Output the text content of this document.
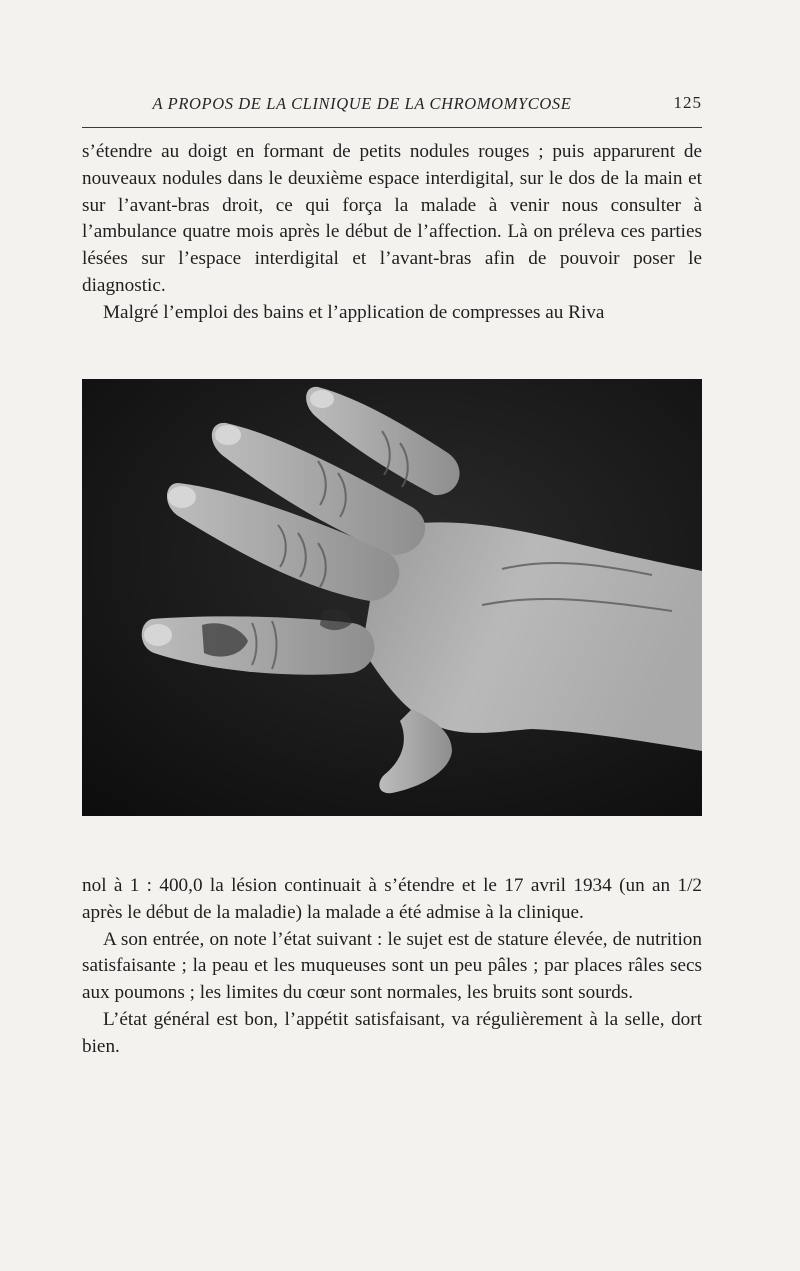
A PROPOS DE LA CLINIQUE DE LA CHROMOMYCOSE	125

s’étendre au doigt en formant de petits nodules rouges ; puis apparurent de nouveaux nodules dans le deuxième espace interdigital, sur le dos de la main et sur l’avant-bras droit, ce qui força la malade à venir nous consulter à l’ambulance quatre mois après le début de l’affection. Là on préleva ces parties lésées sur l’espace interdigital et l’avant-bras afin de pouvoir poser le diagnostic.

Malgré l’emploi des bains et l’application de compresses au Riva

nol à 1 : 400,0 la lésion continuait à s’étendre et le 17 avril 1934 (un an 1/2 après le début de la maladie) la malade a été admise à la clinique.

A son entrée, on note l’état suivant : le sujet est de stature élevée, de nutrition satisfaisante ; la peau et les muqueuses sont un peu pâles ; par places râles secs aux poumons ; les limites du cœur sont normales, les bruits sont sourds.

L’état général est bon, l’appétit satisfaisant, va régulièrement à la selle, dort bien.
